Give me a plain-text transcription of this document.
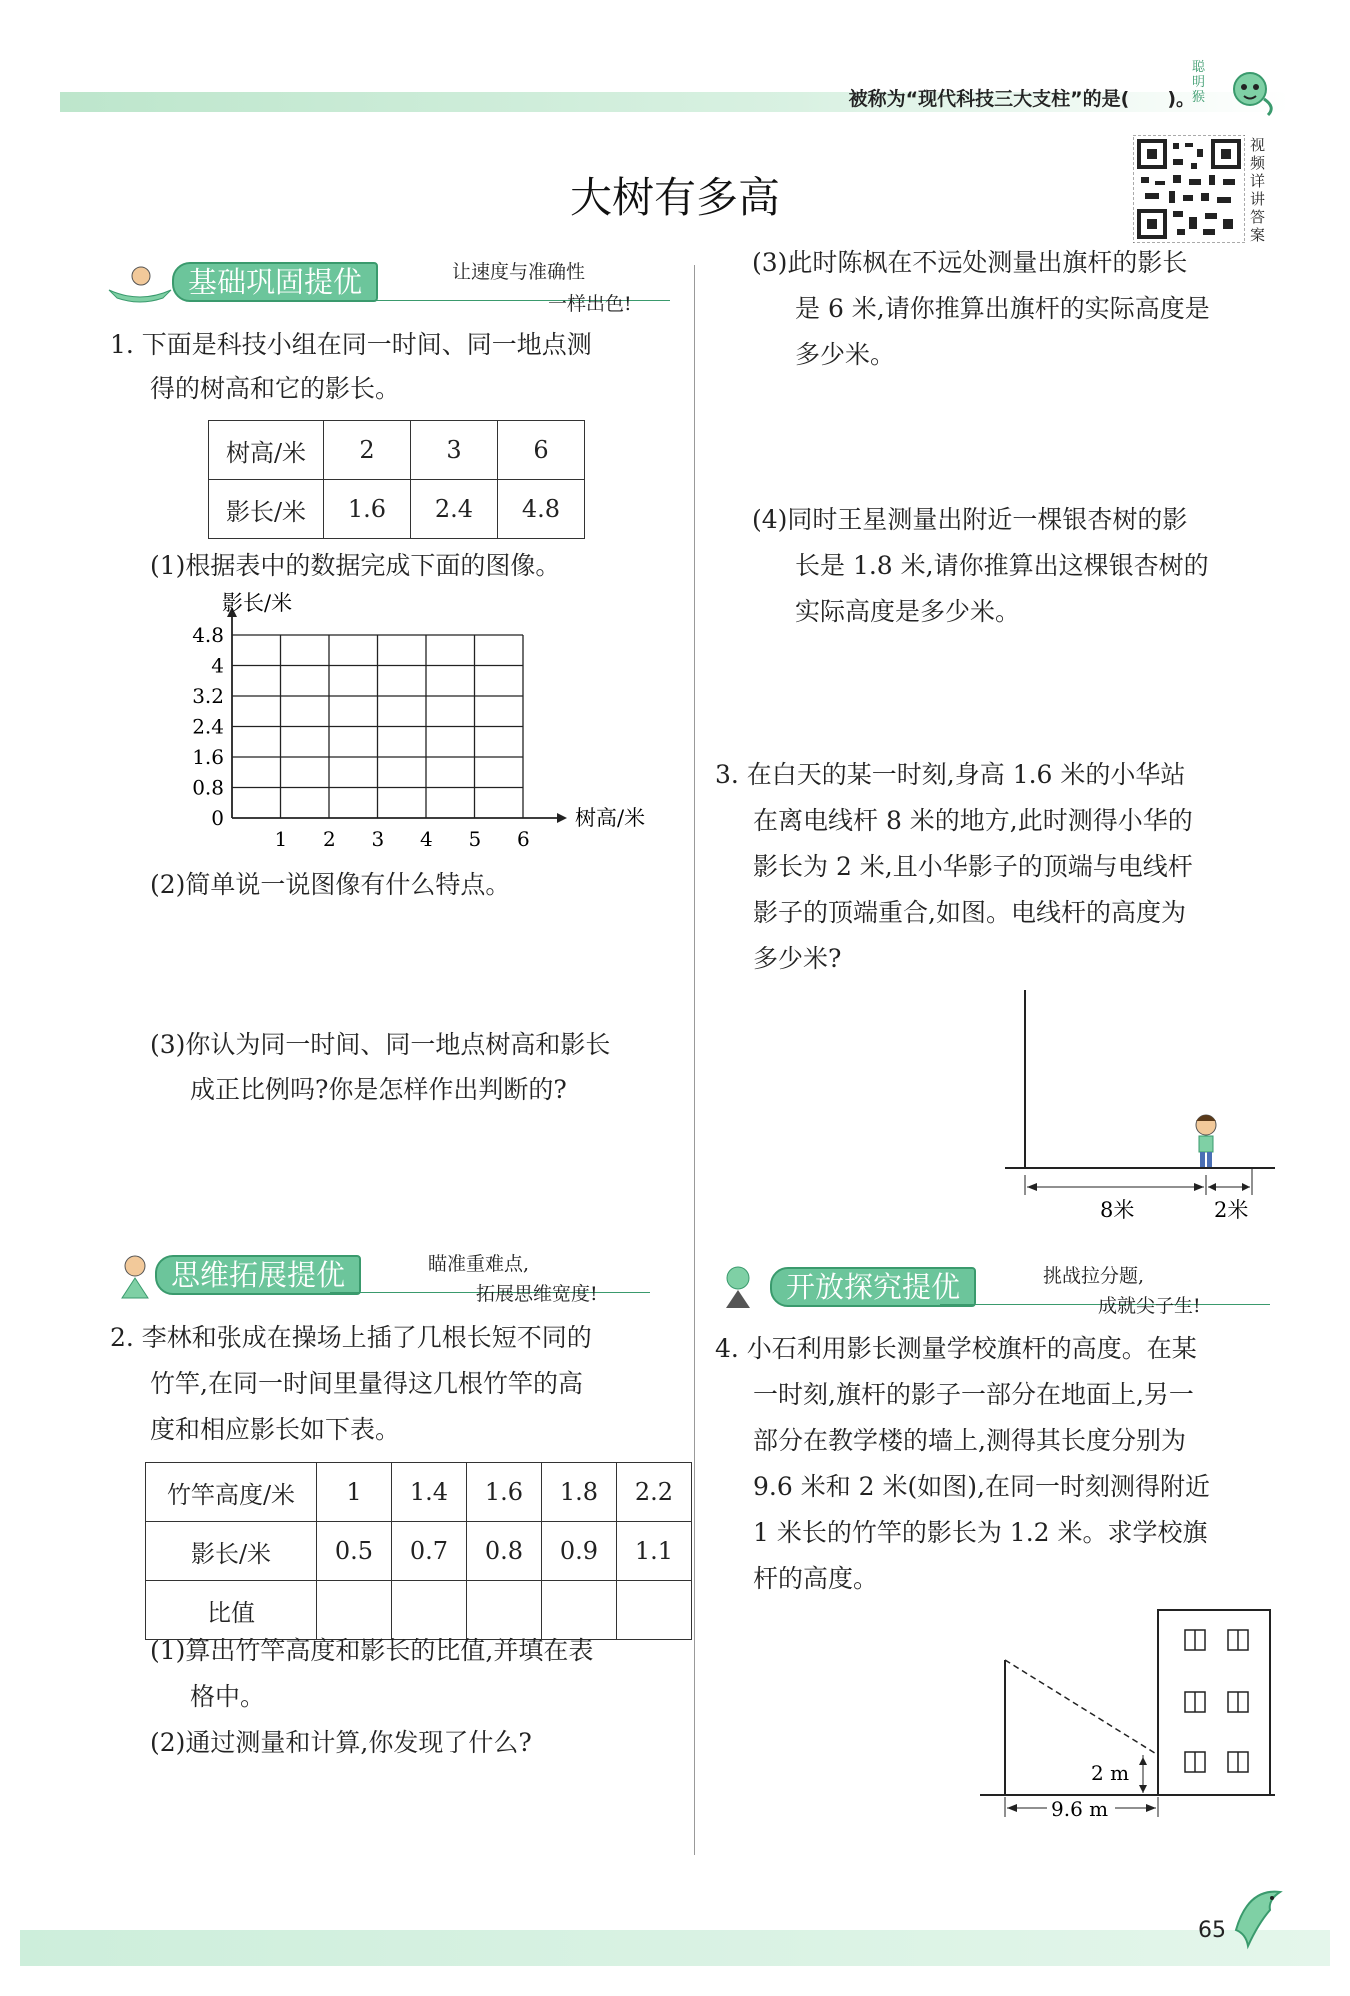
被称为“现代科技三大支柱”的是(　　)。
聪明猴
视频详讲答案
大树有多高
基础巩固提优	让速度与准确性
一样出色!
1. 下面是科技小组在同一时间、同一地点测
得的树高和它的影长。
树高/米	2	3	6
影长/米	1.6	2.4	4.8
(1)根据表中的数据完成下面的图像。
1 2 3 4 5 6
0
0.8
1.6
2.4
3.2
4
4.8
影长/米
树高/米
(2)简单说一说图像有什么特点。
(3)你认为同一时间、同一地点树高和影长
成正比例吗?你是怎样作出判断的?
思维拓展提优	瞄准重难点,
拓展思维宽度!
2. 李林和张成在操场上插了几根长短不同的
竹竿,在同一时间里量得这几根竹竿的高
度和相应影长如下表。
竹竿高度/米	1	1.4	1.6	1.8	2.2
影长/米	0.5	0.7	0.8	0.9	1.1
比值					
(1)算出竹竿高度和影长的比值,并填在表
格中。
(2)通过测量和计算,你发现了什么?
(3)此时陈枫在不远处测量出旗杆的影长
是 6 米,请你推算出旗杆的实际高度是
多少米。
(4)同时王星测量出附近一棵银杏树的影
长是 1.8 米,请你推算出这棵银杏树的
实际高度是多少米。
3. 在白天的某一时刻,身高 1.6 米的小华站
在离电线杆 8 米的地方,此时测得小华的
影长为 2 米,且小华影子的顶端与电线杆
影子的顶端重合,如图。电线杆的高度为
多少米?
8米	2米
开放探究提优	挑战拉分题,
成就尖子生!
4. 小石利用影长测量学校旗杆的高度。在某
一时刻,旗杆的影子一部分在地面上,另一
部分在教学楼的墙上,测得其长度分别为
9.6 米和 2 米(如图),在同一时刻测得附近
1 米长的竹竿的影长为 1.2 米。求学校旗
杆的高度。
2 m
9.6 m
65
